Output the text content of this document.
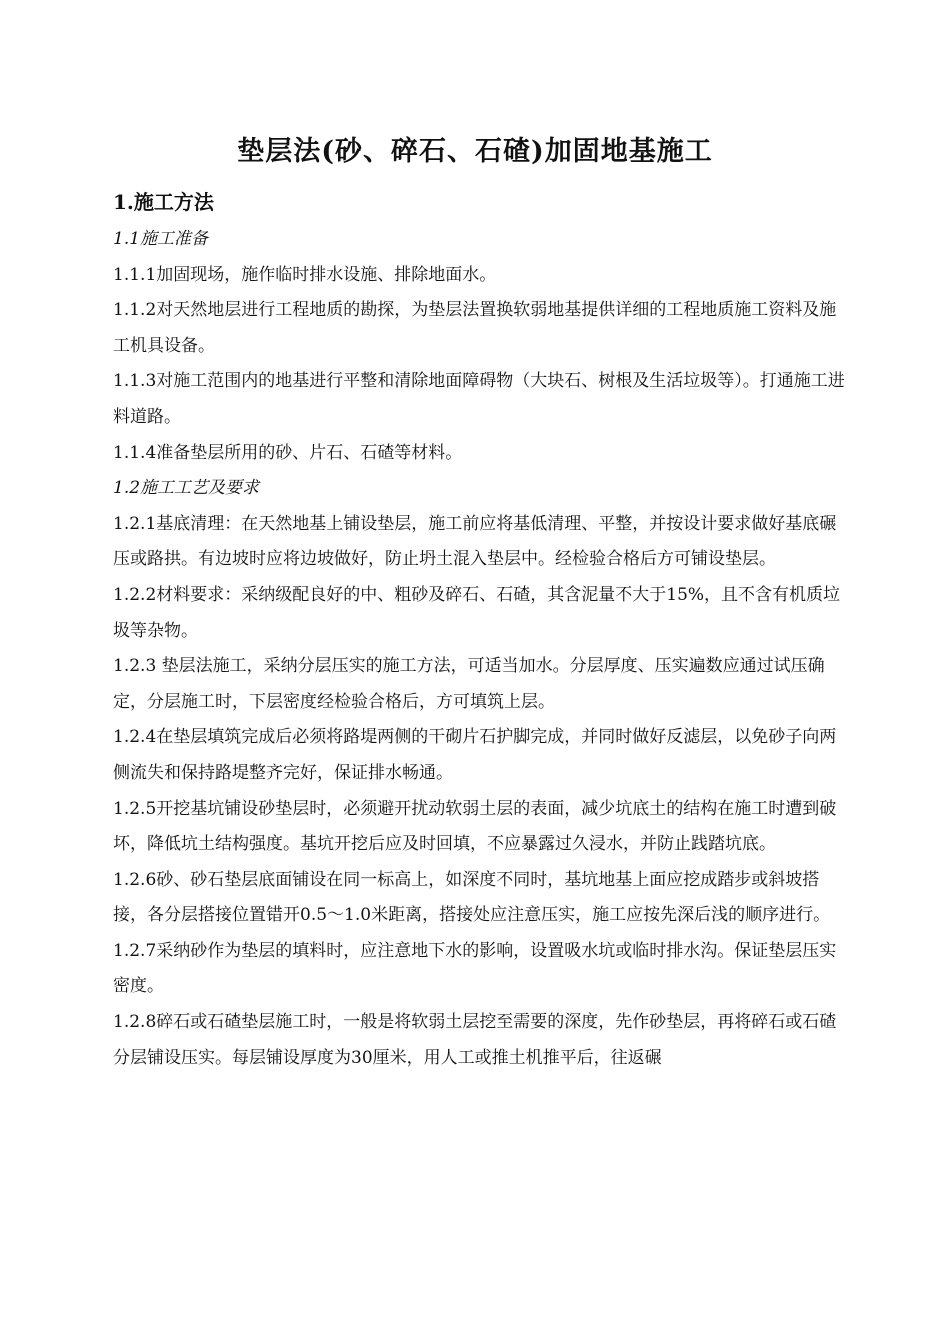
垫层法(砂、碎石、石碴)加固地基施工
1.施工方法

1.1施工准备

1.1.1加固现场，施作临时排水设施、排除地面水。

1.1.2对天然地层进行工程地质的勘探，为垫层法置换软弱地基提供详细的工程地质施工资料及施工机具设备。

1.1.3对施工范围内的地基进行平整和清除地面障碍物（大块石、树根及生活垃圾等）。打通施工进料道路。

1.1.4准备垫层所用的砂、片石、石碴等材料。

1.2施工工艺及要求

1.2.1基底清理：在天然地基上铺设垫层，施工前应将基低清理、平整，并按设计要求做好基底碾压或路拱。有边坡时应将边坡做好，防止坍土混入垫层中。经检验合格后方可铺设垫层。

1.2.2材料要求：采纳级配良好的中、粗砂及碎石、石碴，其含泥量不大于15%，且不含有机质垃圾等杂物。

1.2.3 垫层法施工，采纳分层压实的施工方法，可适当加水。分层厚度、压实遍数应通过试压确定，分层施工时，下层密度经检验合格后，方可填筑上层。

1.2.4在垫层填筑完成后必须将路堤两侧的干砌片石护脚完成，并同时做好反滤层，以免砂子向两侧流失和保持路堤整齐完好，保证排水畅通。

1.2.5开挖基坑铺设砂垫层时，必须避开扰动软弱土层的表面，减少坑底土的结构在施工时遭到破坏，降低坑土结构强度。基坑开挖后应及时回填，不应暴露过久浸水，并防止践踏坑底。

1.2.6砂、砂石垫层底面铺设在同一标高上，如深度不同时，基坑地基上面应挖成踏步或斜坡搭接，各分层搭接位置错开0.5～1.0米距离，搭接处应注意压实，施工应按先深后浅的顺序进行。

1.2.7采纳砂作为垫层的填料时，应注意地下水的影响，设置吸水坑或临时排水沟。保证垫层压实密度。

1.2.8碎石或石碴垫层施工时，一般是将软弱土层挖至需要的深度，先作砂垫层，再将碎石或石碴分层铺设压实。每层铺设厚度为30厘米，用人工或推土机推平后，往返碾
